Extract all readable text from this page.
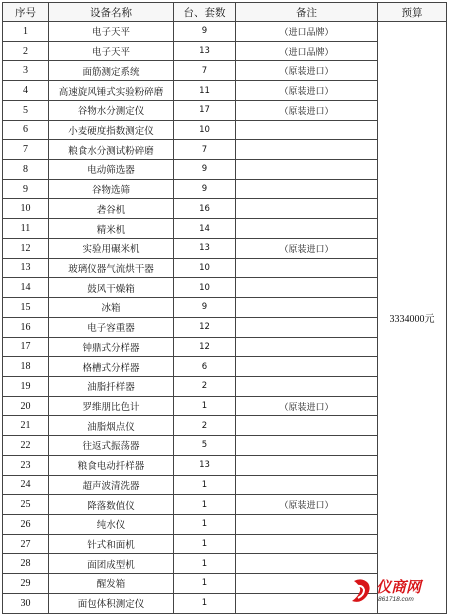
序号	设备名称	台、套数	备注	预算
1	电子天平	9	（进口品牌）	3334000元
2	电子天平	13	（进口品牌）	
3	面筋测定系统	7	（原装进口）	
4	高速旋风锤式实验粉碎磨	11	（原装进口）	
5	谷物水分测定仪	17	（原装进口）	
6	小麦硬度指数测定仪	10		
7	粮食水分测试粉碎磨	7		
8	电动筛选器	9		
9	谷物选筛	9		
10	砻谷机	16		
11	精米机	14		
12	实验用碾米机	13	（原装进口）	
13	玻璃仪器气流烘干器	10		
14	鼓风干燥箱	10		
15	冰箱	9		
16	电子容重器	12		
17	钟鼎式分样器	12		
18	格槽式分样器	6		
19	油脂扦样器	2		
20	罗维朋比色计	1	（原装进口）	
21	油脂烟点仪	2		
22	往返式振荡器	5		
23	粮食电动扦样器	13		
24	超声波清洗器	1		
25	降落数值仪	1	（原装进口）	
26	纯水仪	1		
27	针式和面机	1		
28	面团成型机	1		
29	醒发箱	1		
30	面包体积测定仪	1		
仪商网
861718.com
